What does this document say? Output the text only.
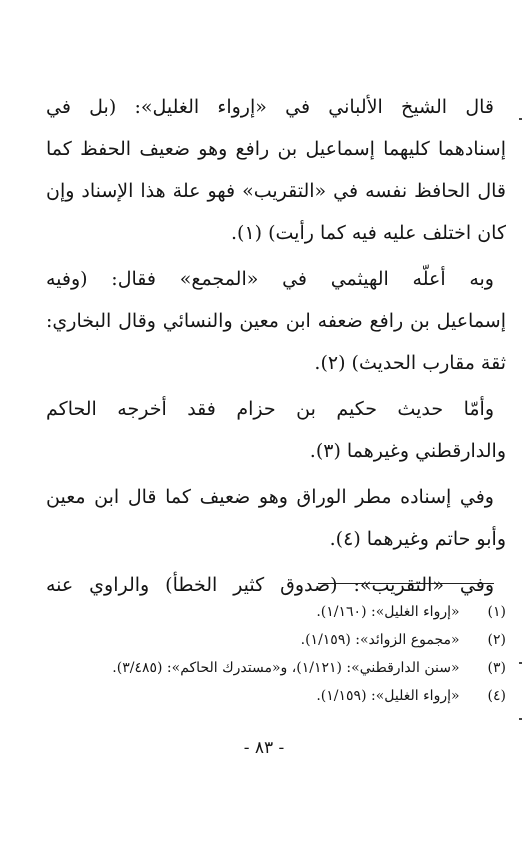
قال الشيخ الألباني في «إرواء الغليل»: (بل في
إسنادهما كليهما إسماعيل بن رافع وهو ضعيف الحفظ كما
قال الحافظ نفسه في «التقريب» فهو علة هذا الإسناد وإن
كان اختلف عليه فيه كما رأيت) (١).

وبه أعلّه الهيثمي في «المجمع» فقال: (وفيه
إسماعيل بن رافع ضعفه ابن معين والنسائي وقال البخاري:
ثقة مقارب الحديث) (٢).

وأمّا حديث حكيم بن حزام فقد أخرجه الحاكم
والدارقطني وغيرهما (٣).

وفي إسناده مطر الوراق وهو ضعيف كما قال ابن معين
وأبو حاتم وغيرهما (٤).

وفي «التقريب»: (صدوق كثير الخطأ) والراوي عنه

(١) «إرواء الغليل»: (١/١٦٠).
(٢) «مجموع الزوائد»: (١/١٥٩).
(٣) «سنن الدارقطني»: (١/١٢١)، و«مستدرك الحاكم»: (٣/٤٨٥).
(٤) «إرواء الغليل»: (١/١٥٩).
- ٨٣ -
